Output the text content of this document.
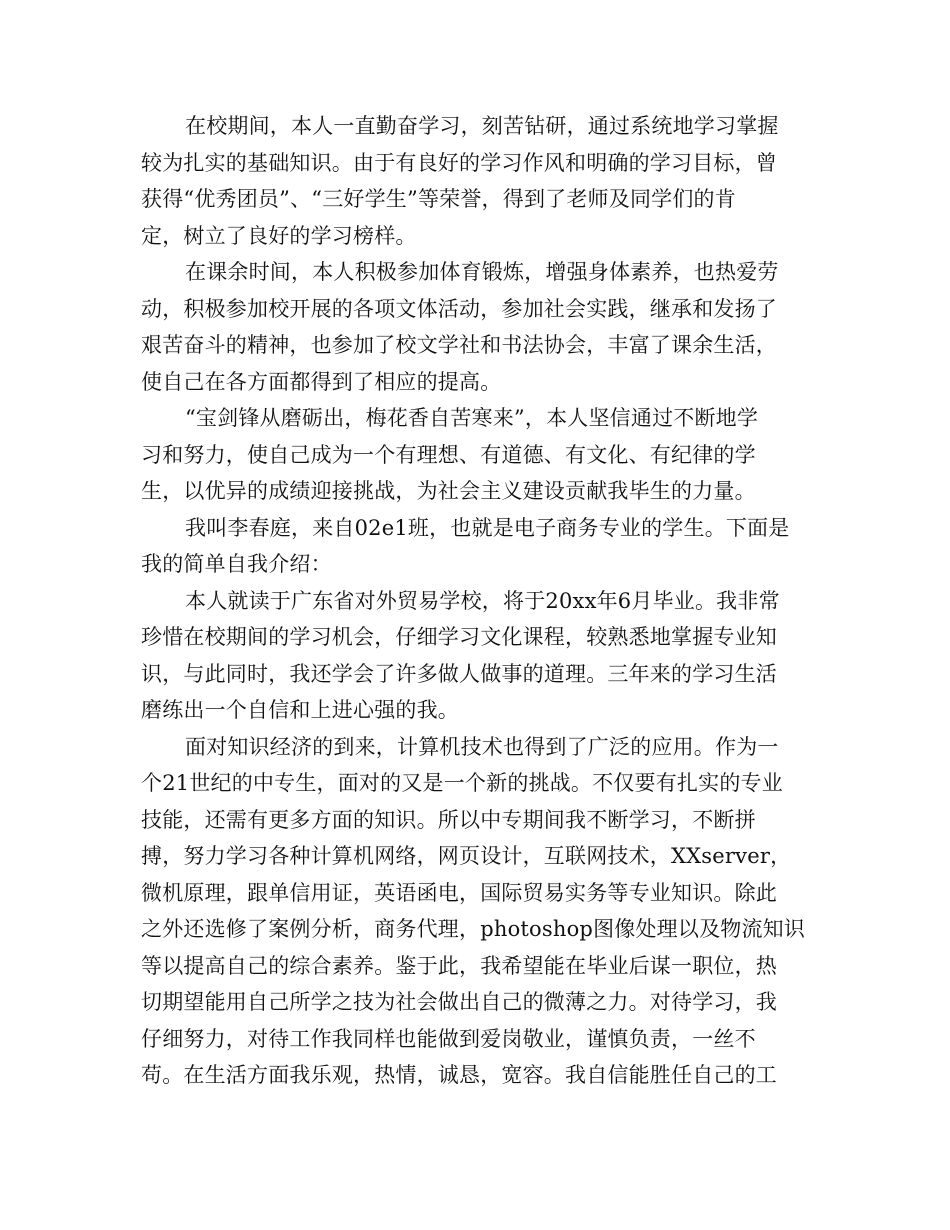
在校期间，本人一直勤奋学习，刻苦钻研，通过系统地学习掌握
较为扎实的基础知识。由于有良好的学习作风和明确的学习目标，曾
获得“优秀团员”、“三好学生”等荣誉，得到了老师及同学们的肯
定，树立了良好的学习榜样。
在课余时间，本人积极参加体育锻炼，增强身体素养，也热爱劳
动，积极参加校开展的各项文体活动，参加社会实践，继承和发扬了
艰苦奋斗的精神，也参加了校文学社和书法协会，丰富了课余生活，
使自己在各方面都得到了相应的提高。
“宝剑锋从磨砺出，梅花香自苦寒来”，本人坚信通过不断地学
习和努力，使自己成为一个有理想、有道德、有文化、有纪律的学
生，以优异的成绩迎接挑战，为社会主义建设贡献我毕生的力量。
我叫李春庭，来自02e1班，也就是电子商务专业的学生。下面是
我的简单自我介绍：
本人就读于广东省对外贸易学校，将于20xx年6月毕业。我非常
珍惜在校期间的学习机会，仔细学习文化课程，较熟悉地掌握专业知
识，与此同时，我还学会了许多做人做事的道理。三年来的学习生活
磨练出一个自信和上进心强的我。
面对知识经济的到来，计算机技术也得到了广泛的应用。作为一
个21世纪的中专生，面对的又是一个新的挑战。不仅要有扎实的专业
技能，还需有更多方面的知识。所以中专期间我不断学习，不断拼
搏，努力学习各种计算机网络，网页设计，互联网技术，XXserver，
微机原理，跟单信用证，英语函电，国际贸易实务等专业知识。除此
之外还选修了案例分析，商务代理，photoshop图像处理以及物流知识
等以提高自己的综合素养。鉴于此，我希望能在毕业后谋一职位，热
切期望能用自己所学之技为社会做出自己的微薄之力。对待学习，我
仔细努力，对待工作我同样也能做到爱岗敬业，谨慎负责，一丝不
苟。在生活方面我乐观，热情，诚恳，宽容。我自信能胜任自己的工
